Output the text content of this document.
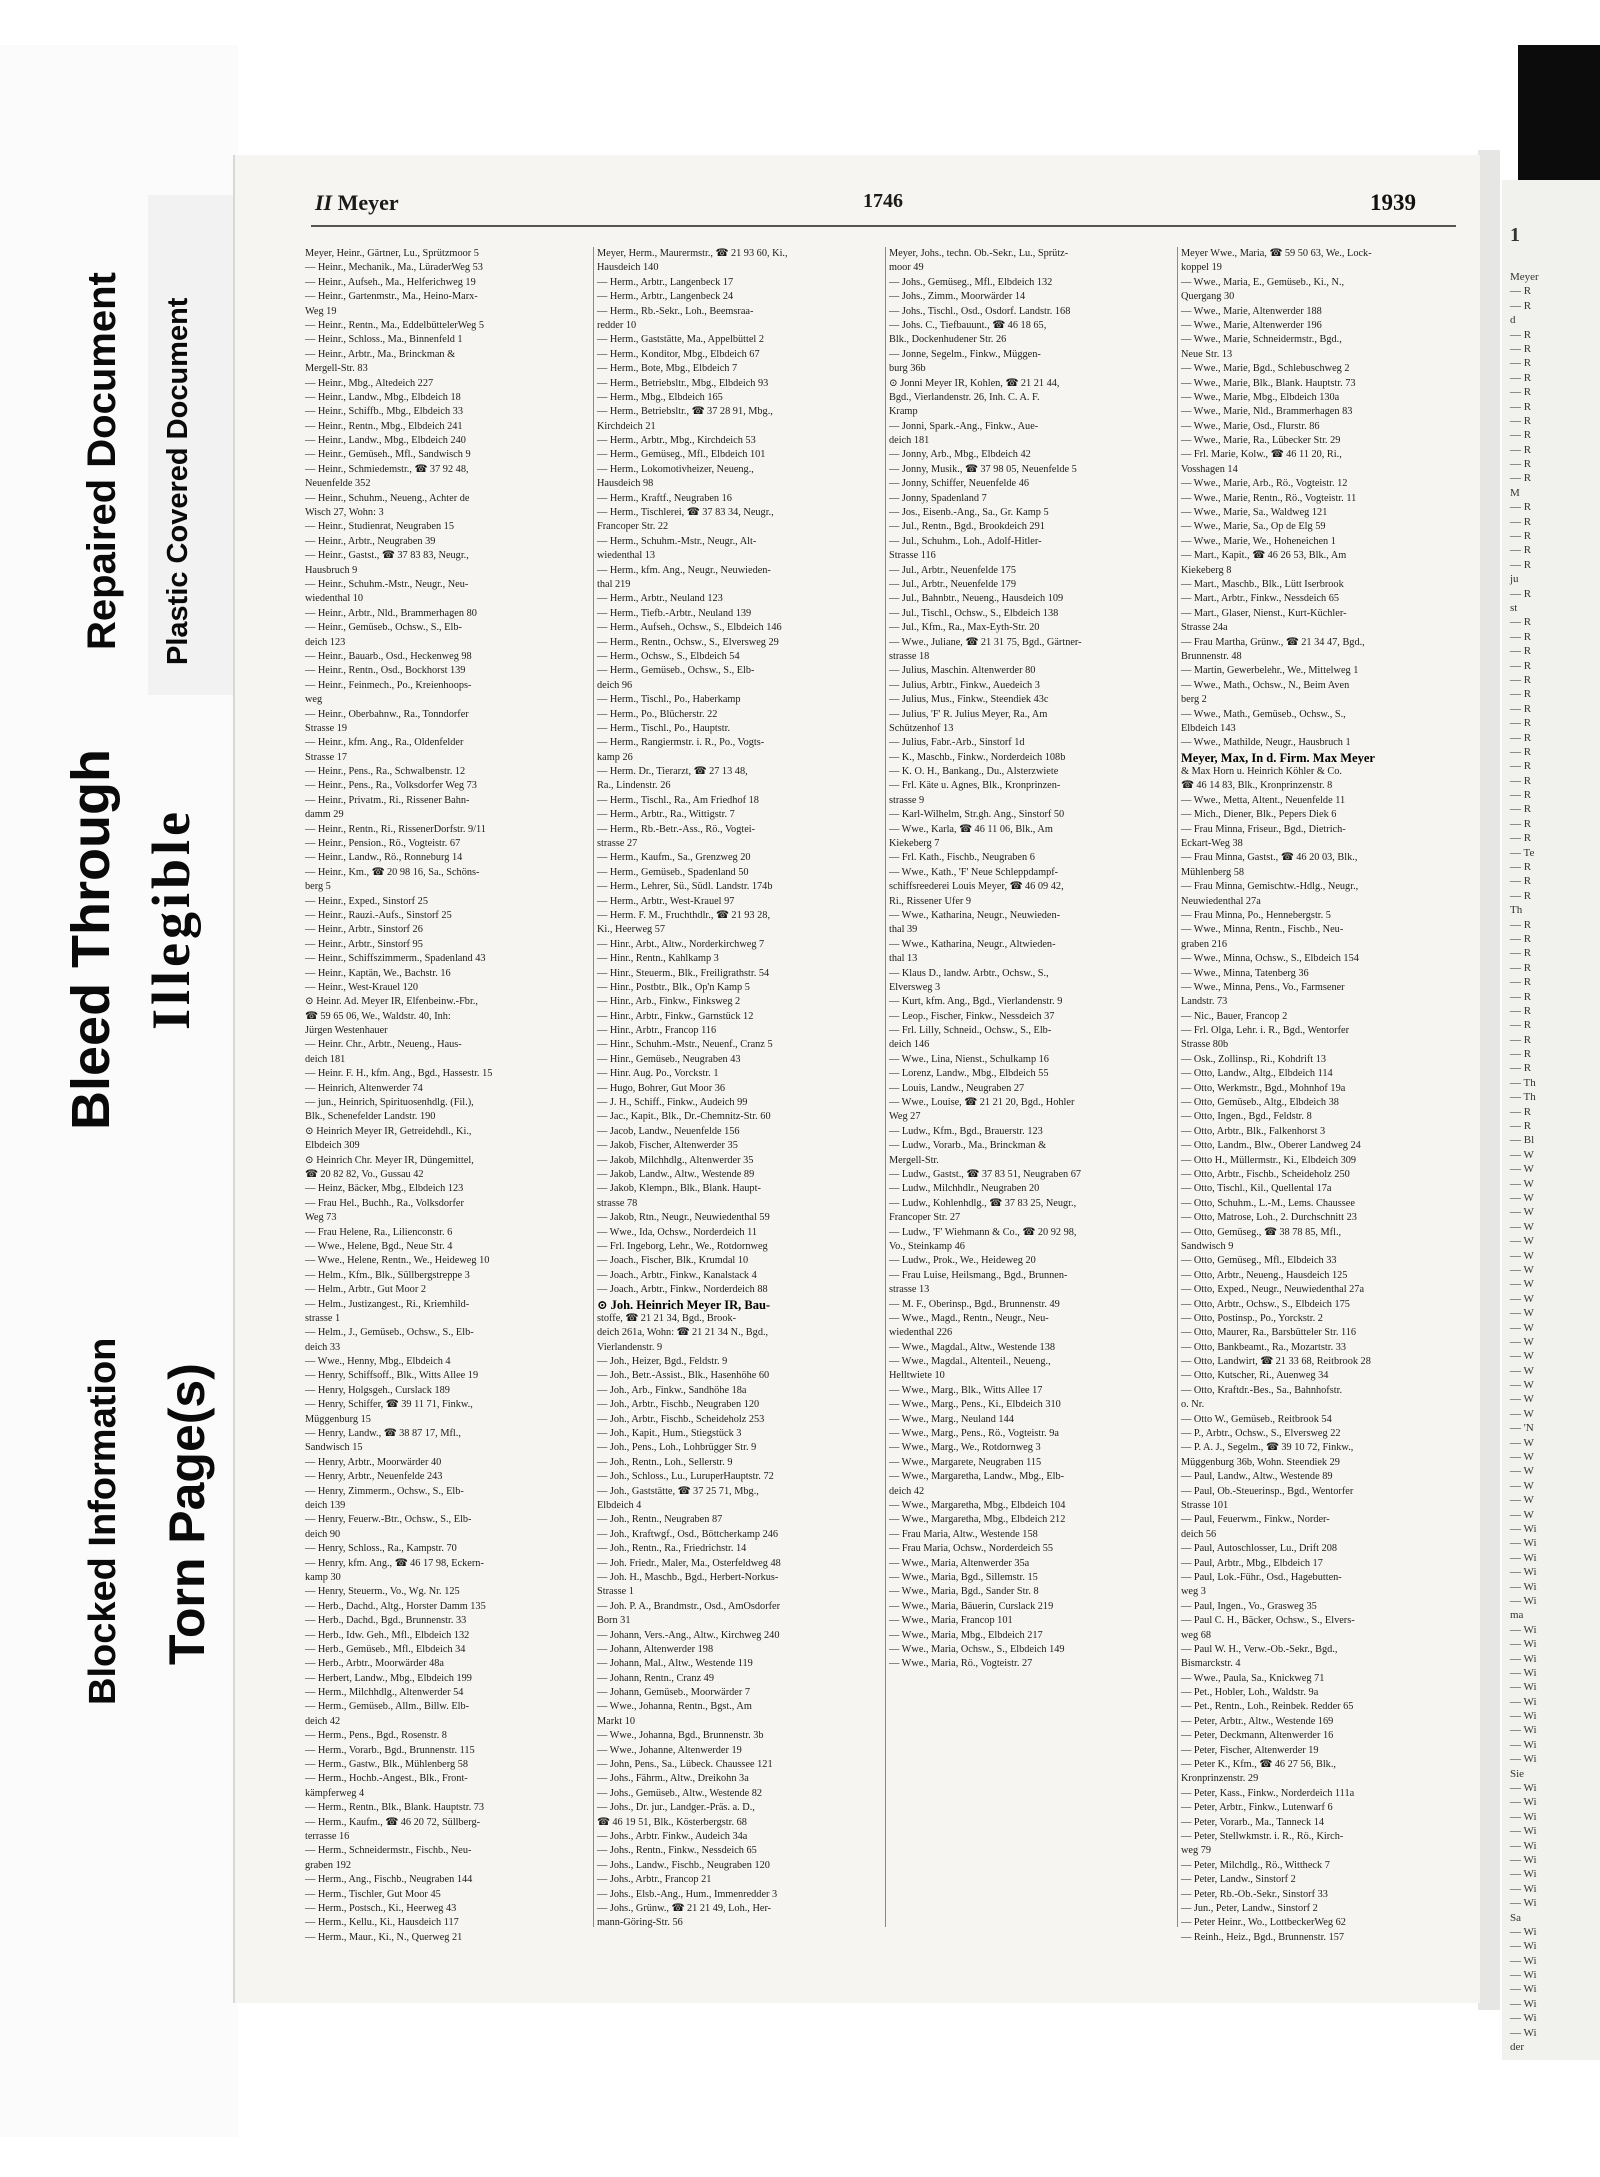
Bleed Through Illegible
Repaired Document Plastic Covered Document
Blocked Information Torn Page(s)
1
Meyer
— R
— R
d
— R
— R
— R
— R
— R
— R
— R
— R
— R
— R
— R
M
— R
— R
— R
— R
— R
ju
— R
st
— R
— R
— R
— R
— R
— R
— R
— R
— R
— R
— R
— R
— R
— R
— R
— R
— Te
— R
— R
— R
Th
— R
— R
— R
— R
— R
— R
— R
— R
— R
— R
— R
— Th
— Th
— R
— R
— Bl
— W
— W
— W
— W
— W
— W
— W
— W
— W
— W
— W
— W
— W
— W
— W
— W
— W
— W
— W
— 'N
— W
— W
— W
— W
— W
— W
— Wi
— Wi
— Wi
— Wi
— Wi
— Wi
ma
— Wi
— Wi
— Wi
— Wi
— Wi
— Wi
— Wi
— Wi
— Wi
— Wi
Sie
— Wi
— Wi
— Wi
— Wi
— Wi
— Wi
— Wi
— Wi
— Wi
Sa
— Wi
— Wi
— Wi
— Wi
— Wi
— Wi
— Wi
— Wi
der
II Meyer	1746	1939
Meyer, Heinr., Gärtner, Lu., Sprützmoor 5
— Heinr., Mechanik., Ma., LüraderWeg 53
— Heinr., Aufseh., Ma., Helferichweg 19
— Heinr., Gartenmstr., Ma., Heino-Marx-
Weg 19
— Heinr., Rentn., Ma., EddelbüttelerWeg 5
— Heinr., Schloss., Ma., Binnenfeld 1
— Heinr., Arbtr., Ma., Brinckman &
Mergell-Str. 83
— Heinr., Mbg., Altedeich 227
— Heinr., Landw., Mbg., Elbdeich 18
— Heinr., Schiffb., Mbg., Elbdeich 33
— Heinr., Rentn., Mbg., Elbdeich 241
— Heinr., Landw., Mbg., Elbdeich 240
— Heinr., Gemüseh., Mfl., Sandwisch 9
— Heinr., Schmiedemstr., ☎ 37 92 48,
Neuenfelde 352
— Heinr., Schuhm., Neueng., Achter de
Wisch 27, Wohn: 3
— Heinr., Studienrat, Neugraben 15
— Heinr., Arbtr., Neugraben 39
— Heinr., Gastst., ☎ 37 83 83, Neugr.,
Hausbruch 9
— Heinr., Schuhm.-Mstr., Neugr., Neu-
wiedenthal 10
— Heinr., Arbtr., Nld., Brammerhagen 80
— Heinr., Gemüseb., Ochsw., S., Elb-
deich 123
— Heinr., Bauarb., Osd., Heckenweg 98
— Heinr., Rentn., Osd., Bockhorst 139
— Heinr., Feinmech., Po., Kreienhoops-
weg
— Heinr., Oberbahnw., Ra., Tonndorfer
Strasse 19
— Heinr., kfm. Ang., Ra., Oldenfelder
Strasse 17
— Heinr., Pens., Ra., Schwalbenstr. 12
— Heinr., Pens., Ra., Volksdorfer Weg 73
— Heinr., Privatm., Ri., Rissener Bahn-
damm 29
— Heinr., Rentn., Ri., RissenerDorfstr. 9/11
— Heinr., Pension., Rö., Vogteistr. 67
— Heinr., Landw., Rö., Ronneburg 14
— Heinr., Km., ☎ 20 98 16, Sa., Schöns-
berg 5
— Heinr., Exped., Sinstorf 25
— Heinr., Rauzi.-Aufs., Sinstorf 25
— Heinr., Arbtr., Sinstorf 26
— Heinr., Arbtr., Sinstorf 95
— Heinr., Schiffszimmerm., Spadenland 43
— Heinr., Kaptän, We., Bachstr. 16
— Heinr., West-Krauel 120
⊙ Heinr. Ad. Meyer IR, Elfenbeinw.-Fbr.,
☎ 59 65 06, We., Waldstr. 40, Inh:
Jürgen Westenhauer
— Heinr. Chr., Arbtr., Neueng., Haus-
deich 181
— Heinr. F. H., kfm. Ang., Bgd., Hassestr. 15
— Heinrich, Altenwerder 74
— jun., Heinrich, Spirituosenhdlg. (Fil.),
Blk., Schenefelder Landstr. 190
⊙ Heinrich Meyer IR, Getreidehdl., Ki.,
Elbdeich 309
⊙ Heinrich Chr. Meyer IR, Düngemittel,
☎ 20 82 82, Vo., Gussau 42
— Heinz, Bäcker, Mbg., Elbdeich 123
— Frau Hel., Buchh., Ra., Volksdorfer
Weg 73
— Frau Helene, Ra., Lilienconstr. 6
— Wwe., Helene, Bgd., Neue Str. 4
— Wwe., Helene, Rentn., We., Heideweg 10
— Helm., Kfm., Blk., Süllbergstreppe 3
— Helm., Arbtr., Gut Moor 2
— Helm., Justizangest., Ri., Kriemhild-
strasse 1
— Helm., J., Gemüseb., Ochsw., S., Elb-
deich 33
— Wwe., Henny, Mbg., Elbdeich 4
— Henry, Schiffsoff., Blk., Witts Allee 19
— Henry, Holgsgeh., Curslack 189
— Henry, Schiffer, ☎ 39 11 71, Finkw.,
Müggenburg 15
— Henry, Landw., ☎ 38 87 17, Mfl.,
Sandwisch 15
— Henry, Arbtr., Moorwärder 40
— Henry, Arbtr., Neuenfelde 243
— Henry, Zimmerm., Ochsw., S., Elb-
deich 139
— Henry, Feuerw.-Btr., Ochsw., S., Elb-
deich 90
— Henry, Schloss., Ra., Kampstr. 70
— Henry, kfm. Ang., ☎ 46 17 98, Eckern-
kamp 30
— Henry, Steuerm., Vo., Wg. Nr. 125
— Herb., Dachd., Altg., Horster Damm 135
— Herb., Dachd., Bgd., Brunnenstr. 33
— Herb., Idw. Geh., Mfl., Elbdeich 132
— Herb., Gemüseb., Mfl., Elbdeich 34
— Herb., Arbtr., Moorwärder 48a
— Herbert, Landw., Mbg., Elbdeich 199
— Herm., Milchhdlg., Altenwerder 54
— Herm., Gemüseb., Allm., Billw. Elb-
deich 42
— Herm., Pens., Bgd., Rosenstr. 8
— Herm., Vorarb., Bgd., Brunnenstr. 115
— Herm., Gastw., Blk., Mühlenberg 58
— Herm., Hochb.-Angest., Blk., Front-
kämpferweg 4
— Herm., Rentn., Blk., Blank. Hauptstr. 73
— Herm., Kaufm., ☎ 46 20 72, Süllberg-
terrasse 16
— Herm., Schneidermstr., Fischb., Neu-
graben 192
— Herm., Ang., Fischb., Neugraben 144
— Herm., Tischler, Gut Moor 45
— Herm., Postsch., Ki., Heerweg 43
— Herm., Kellu., Ki., Hausdeich 117
— Herm., Maur., Ki., N., Querweg 21
Meyer, Herm., Maurermstr., ☎ 21 93 60, Ki.,
Hausdeich 140
— Herm., Arbtr., Langenbeck 17
— Herm., Arbtr., Langenbeck 24
— Herm., Rb.-Sekr., Loh., Beemsraa-
redder 10
— Herm., Gaststätte, Ma., Appelbüttel 2
— Herm., Konditor, Mbg., Elbdeich 67
— Herm., Bote, Mbg., Elbdeich 7
— Herm., Betriebsltr., Mbg., Elbdeich 93
— Herm., Mbg., Elbdeich 165
— Herm., Betriebsltr., ☎ 37 28 91, Mbg.,
Kirchdeich 21
— Herm., Arbtr., Mbg., Kirchdeich 53
— Herm., Gemüseg., Mfl., Elbdeich 101
— Herm., Lokomotivheizer, Neueng.,
Hausdeich 98
— Herm., Kraftf., Neugraben 16
— Herm., Tischlerei, ☎ 37 83 34, Neugr.,
Francoper Str. 22
— Herm., Schuhm.-Mstr., Neugr., Alt-
wiedenthal 13
— Herm., kfm. Ang., Neugr., Neuwieden-
thal 219
— Herm., Arbtr., Neuland 123
— Herm., Tiefb.-Arbtr., Neuland 139
— Herm., Aufseh., Ochsw., S., Elbdeich 146
— Herm., Rentn., Ochsw., S., Elversweg 29
— Herm., Ochsw., S., Elbdeich 54
— Herm., Gemüseb., Ochsw., S., Elb-
deich 96
— Herm., Tischl., Po., Haberkamp
— Herm., Po., Blücherstr. 22
— Herm., Tischl., Po., Hauptstr.
— Herm., Rangiermstr. i. R., Po., Vogts-
kamp 26
— Herm. Dr., Tierarzt, ☎ 27 13 48,
Ra., Lindenstr. 26
— Herm., Tischl., Ra., Am Friedhof 18
— Herm., Arbtr., Ra., Wittigstr. 7
— Herm., Rb.-Betr.-Ass., Rö., Vogtei-
strasse 27
— Herm., Kaufm., Sa., Grenzweg 20
— Herm., Gemüseb., Spadenland 50
— Herm., Lehrer, Sü., Südl. Landstr. 174b
— Herm., Arbtr., West-Krauel 97
— Herm. F. M., Fruchthdlr., ☎ 21 93 28,
Ki., Heerweg 57
— Hinr., Arbt., Altw., Norderkirchweg 7
— Hinr., Rentn., Kahlkamp 3
— Hinr., Steuerm., Blk., Freiligrathstr. 54
— Hinr., Postbtr., Blk., Op'n Kamp 5
— Hinr., Arb., Finkw., Finksweg 2
— Hinr., Arbtr., Finkw., Garnstück 12
— Hinr., Arbtr., Francop 116
— Hinr., Schuhm.-Mstr., Neuenf., Cranz 5
— Hinr., Gemüseb., Neugraben 43
— Hinr. Aug. Po., Vorckstr. 1
— Hugo, Bohrer, Gut Moor 36
— J. H., Schiff., Finkw., Audeich 99
— Jac., Kapit., Blk., Dr.-Chemnitz-Str. 60
— Jacob, Landw., Neuenfelde 156
— Jakob, Fischer, Altenwerder 35
— Jakob, Milchhdlg., Altenwerder 35
— Jakob, Landw., Altw., Westende 89
— Jakob, Klempn., Blk., Blank. Haupt-
strasse 78
— Jakob, Rtn., Neugr., Neuwiedenthal 59
— Wwe., Ida, Ochsw., Norderdeich 11
— Frl. Ingeborg, Lehr., We., Rotdornweg
— Joach., Fischer, Blk., Krumdal 10
— Joach., Arbtr., Finkw., Kanalstack 4
— Joach., Arbtr., Finkw., Norderdeich 88
⊙ Joh. Heinrich Meyer IR, Bau-
stoffe, ☎ 21 21 34, Bgd., Brook-
deich 261a, Wohn: ☎ 21 21 34 N., Bgd.,
Vierlandenstr. 9
— Joh., Heizer, Bgd., Feldstr. 9
— Joh., Betr.-Assist., Blk., Hasenhöhe 60
— Joh., Arb., Finkw., Sandhöhe 18a
— Joh., Arbtr., Fischb., Neugraben 120
— Joh., Arbtr., Fischb., Scheideholz 253
— Joh., Kapit., Hum., Stiegstück 3
— Joh., Pens., Loh., Lohbrügger Str. 9
— Joh., Rentn., Loh., Sellerstr. 9
— Joh., Schloss., Lu., LuruperHauptstr. 72
— Joh., Gaststätte, ☎ 37 25 71, Mbg.,
Elbdeich 4
— Joh., Rentn., Neugraben 87
— Joh., Kraftwgf., Osd., Böttcherkamp 246
— Joh., Rentn., Ra., Friedrichstr. 14
— Joh. Friedr., Maler, Ma., Osterfeldweg 48
— Joh. H., Maschb., Bgd., Herbert-Norkus-
Strasse 1
— Joh. P. A., Brandmstr., Osd., AmOsdorfer
Born 31
— Johann, Vers.-Ang., Altw., Kirchweg 240
— Johann, Altenwerder 198
— Johann, Mal., Altw., Westende 119
— Johann, Rentn., Cranz 49
— Johann, Gemüseb., Moorwärder 7
— Wwe., Johanna, Rentn., Bgst., Am
Markt 10
— Wwe., Johanna, Bgd., Brunnenstr. 3b
— Wwe., Johanne, Altenwerder 19
— John, Pens., Sa., Lübeck. Chaussee 121
— Johs., Fährm., Altw., Dreikohn 3a
— Johs., Gemüseb., Altw., Westende 82
— Johs., Dr. jur., Landger.-Präs. a. D.,
☎ 46 19 51, Blk., Kösterbergstr. 68
— Johs., Arbtr. Finkw., Audeich 34a
— Johs., Rentn., Finkw., Nessdeich 65
— Johs., Landw., Fischb., Neugraben 120
— Johs., Arbtr., Francop 21
— Johs., Elsb.-Ang., Hum., Immenredder 3
— Johs., Grünw., ☎ 21 21 49, Loh., Her-
mann-Göring-Str. 56
Meyer, Johs., techn. Ob.-Sekr., Lu., Sprütz-
moor 49
— Johs., Gemüseg., Mfl., Elbdeich 132
— Johs., Zimm., Moorwärder 14
— Johs., Tischl., Osd., Osdorf. Landstr. 168
— Johs. C., Tiefbauunt., ☎ 46 18 65,
Blk., Dockenhudener Str. 26
— Jonne, Segelm., Finkw., Müggen-
burg 36b
⊙ Jonni Meyer IR, Kohlen, ☎ 21 21 44,
Bgd., Vierlandenstr. 26, Inh. C. A. F.
Kramp
— Jonni, Spark.-Ang., Finkw., Aue-
deich 181
— Jonny, Arb., Mbg., Elbdeich 42
— Jonny, Musik., ☎ 37 98 05, Neuenfelde 5
— Jonny, Schiffer, Neuenfelde 46
— Jonny, Spadenland 7
— Jos., Eisenb.-Ang., Sa., Gr. Kamp 5
— Jul., Rentn., Bgd., Brookdeich 291
— Jul., Schuhm., Loh., Adolf-Hitler-
Strasse 116
— Jul., Arbtr., Neuenfelde 175
— Jul., Arbtr., Neuenfelde 179
— Jul., Bahnbtr., Neueng., Hausdeich 109
— Jul., Tischl., Ochsw., S., Elbdeich 138
— Jul., Kfm., Ra., Max-Eyth-Str. 20
— Wwe., Juliane, ☎ 21 31 75, Bgd., Gärtner-
strasse 18
— Julius, Maschin. Altenwerder 80
— Julius, Arbtr., Finkw., Auedeich 3
— Julius, Mus., Finkw., Steendiek 43c
— Julius, 'F' R. Julius Meyer, Ra., Am
Schützenhof 13
— Julius, Fabr.-Arb., Sinstorf 1d
— K., Maschb., Finkw., Norderdeich 108b
— K. O. H., Bankang., Du., Alsterzwiete
— Frl. Käte u. Agnes, Blk., Kronprinzen-
strasse 9
— Karl-Wilhelm, Str.gh. Ang., Sinstorf 50
— Wwe., Karla, ☎ 46 11 06, Blk., Am
Kiekeberg 7
— Frl. Kath., Fischb., Neugraben 6
— Wwe., Kath., 'F' Neue Schleppdampf-
schiffsreederei Louis Meyer, ☎ 46 09 42,
Ri., Rissener Ufer 9
— Wwe., Katharina, Neugr., Neuwieden-
thal 39
— Wwe., Katharina, Neugr., Altwieden-
thal 13
— Klaus D., landw. Arbtr., Ochsw., S.,
Elversweg 3
— Kurt, kfm. Ang., Bgd., Vierlandenstr. 9
— Leop., Fischer, Finkw., Nessdeich 37
— Frl. Lilly, Schneid., Ochsw., S., Elb-
deich 146
— Wwe., Lina, Nienst., Schulkamp 16
— Lorenz, Landw., Mbg., Elbdeich 55
— Louis, Landw., Neugraben 27
— Wwe., Louise, ☎ 21 21 20, Bgd., Hohler
Weg 27
— Ludw., Kfm., Bgd., Brauerstr. 123
— Ludw., Vorarb., Ma., Brinckman &
Mergell-Str.
— Ludw., Gastst., ☎ 37 83 51, Neugraben 67
— Ludw., Milchhdlr., Neugraben 20
— Ludw., Kohlenhdlg., ☎ 37 83 25, Neugr.,
Francoper Str. 27
— Ludw., 'F' Wiehmann & Co., ☎ 20 92 98,
Vo., Steinkamp 46
— Ludw., Prok., We., Heideweg 20
— Frau Luise, Heilsmang., Bgd., Brunnen-
strasse 13
— M. F., Oberinsp., Bgd., Brunnenstr. 49
— Wwe., Magd., Rentn., Neugr., Neu-
wiedenthal 226
— Wwe., Magdal., Altw., Westende 138
— Wwe., Magdal., Altenteil., Neueng.,
Helltwiete 10
— Wwe., Marg., Blk., Witts Allee 17
— Wwe., Marg., Pens., Ki., Elbdeich 310
— Wwe., Marg., Neuland 144
— Wwe., Marg., Pens., Rö., Vogteistr. 9a
— Wwe., Marg., We., Rotdornweg 3
— Wwe., Margarete, Neugraben 115
— Wwe., Margaretha, Landw., Mbg., Elb-
deich 42
— Wwe., Margaretha, Mbg., Elbdeich 104
— Wwe., Margaretha, Mbg., Elbdeich 212
— Frau Maria, Altw., Westende 158
— Frau Maria, Ochsw., Norderdeich 55
— Wwe., Maria, Altenwerder 35a
— Wwe., Maria, Bgd., Sillemstr. 15
— Wwe., Maria, Bgd., Sander Str. 8
— Wwe., Maria, Bäuerin, Curslack 219
— Wwe., Maria, Francop 101
— Wwe., Maria, Mbg., Elbdeich 217
— Wwe., Maria, Ochsw., S., Elbdeich 149
— Wwe., Maria, Rö., Vogteistr. 27
Meyer Wwe., Maria, ☎ 59 50 63, We., Lock-
koppel 19
— Wwe., Maria, E., Gemüseb., Ki., N.,
Quergang 30
— Wwe., Marie, Altenwerder 188
— Wwe., Marie, Altenwerder 196
— Wwe., Marie, Schneidermstr., Bgd.,
Neue Str. 13
— Wwe., Marie, Bgd., Schlebuschweg 2
— Wwe., Marie, Blk., Blank. Hauptstr. 73
— Wwe., Marie, Mbg., Elbdeich 130a
— Wwe., Marie, Nld., Brammerhagen 83
— Wwe., Marie, Osd., Flurstr. 86
— Wwe., Marie, Ra., Lübecker Str. 29
— Frl. Marie, Kolw., ☎ 46 11 20, Ri.,
Vosshagen 14
— Wwe., Marie, Arb., Rö., Vogteistr. 12
— Wwe., Marie, Rentn., Rö., Vogteistr. 11
— Wwe., Marie, Sa., Waldweg 121
— Wwe., Marie, Sa., Op de Elg 59
— Wwe., Marie, We., Hoheneichen 1
— Mart., Kapit., ☎ 46 26 53, Blk., Am
Kiekeberg 8
— Mart., Maschb., Blk., Lütt Iserbrook
— Mart., Arbtr., Finkw., Nessdeich 65
— Mart., Glaser, Nienst., Kurt-Küchler-
Strasse 24a
— Frau Martha, Grünw., ☎ 21 34 47, Bgd.,
Brunnenstr. 48
— Martin, Gewerbelehr., We., Mittelweg 1
— Wwe., Math., Ochsw., N., Beim Aven
berg 2
— Wwe., Math., Gemüseb., Ochsw., S.,
Elbdeich 143
— Wwe., Mathilde, Neugr., Hausbruch 1
Meyer, Max, In d. Firm. Max Meyer
& Max Horn u. Heinrich Köhler & Co.
☎ 46 14 83, Blk., Kronprinzenstr. 8
— Wwe., Metta, Altent., Neuenfelde 11
— Mich., Diener, Blk., Pepers Diek 6
— Frau Minna, Friseur., Bgd., Dietrich-
Eckart-Weg 38
— Frau Minna, Gastst., ☎ 46 20 03, Blk.,
Mühlenberg 58
— Frau Minna, Gemischtw.-Hdlg., Neugr.,
Neuwiedenthal 27a
— Frau Minna, Po., Hennebergstr. 5
— Wwe., Minna, Rentn., Fischb., Neu-
graben 216
— Wwe., Minna, Ochsw., S., Elbdeich 154
— Wwe., Minna, Tatenberg 36
— Wwe., Minna, Pens., Vo., Farmsener
Landstr. 73
— Nic., Bauer, Francop 2
— Frl. Olga, Lehr. i. R., Bgd., Wentorfer
Strasse 80b
— Osk., Zollinsp., Ri., Kohdrift 13
— Otto, Landw., Altg., Elbdeich 114
— Otto, Werkmstr., Bgd., Mohnhof 19a
— Otto, Gemüseb., Altg., Elbdeich 38
— Otto, Ingen., Bgd., Feldstr. 8
— Otto, Arbtr., Blk., Falkenhorst 3
— Otto, Landm., Blw., Oberer Landweg 24
— Otto H., Müllermstr., Ki., Elbdeich 309
— Otto, Arbtr., Fischb., Scheideholz 250
— Otto, Tischl., Kil., Quellental 17a
— Otto, Schuhm., L.-M., Lems. Chaussee
— Otto, Matrose, Loh., 2. Durchschnitt 23
— Otto, Gemüseg., ☎ 38 78 85, Mfl.,
Sandwisch 9
— Otto, Gemüseg., Mfl., Elbdeich 33
— Otto, Arbtr., Neueng., Hausdeich 125
— Otto, Exped., Neugr., Neuwiedenthal 27a
— Otto, Arbtr., Ochsw., S., Elbdeich 175
— Otto, Postinsp., Po., Yorckstr. 2
— Otto, Maurer, Ra., Barsbütteler Str. 116
— Otto, Bankbeamt., Ra., Mozartstr. 33
— Otto, Landwirt, ☎ 21 33 68, Reitbrook 28
— Otto, Kutscher, Ri., Auenweg 34
— Otto, Kraftdr.-Bes., Sa., Bahnhofstr.
o. Nr.
— Otto W., Gemüseb., Reitbrook 54
— P., Arbtr., Ochsw., S., Elversweg 22
— P. A. J., Segelm., ☎ 39 10 72, Finkw.,
Müggenburg 36b, Wohn. Steendiek 29
— Paul, Landw., Altw., Westende 89
— Paul, Ob.-Steuerinsp., Bgd., Wentorfer
Strasse 101
— Paul, Feuerwm., Finkw., Norder-
deich 56
— Paul, Autoschlosser, Lu., Drift 208
— Paul, Arbtr., Mbg., Elbdeich 17
— Paul, Lok.-Führ., Osd., Hagebutten-
weg 3
— Paul, Ingen., Vo., Grasweg 35
— Paul C. H., Bäcker, Ochsw., S., Elvers-
weg 68
— Paul W. H., Verw.-Ob.-Sekr., Bgd.,
Bismarckstr. 4
— Wwe., Paula, Sa., Knickweg 71
— Pet., Hobler, Loh., Waldstr. 9a
— Pet., Rentn., Loh., Reinbek. Redder 65
— Peter, Arbtr., Altw., Westende 169
— Peter, Deckmann, Altenwerder 16
— Peter, Fischer, Altenwerder 19
— Peter K., Kfm., ☎ 46 27 56, Blk.,
Kronprinzenstr. 29
— Peter, Kass., Finkw., Norderdeich 111a
— Peter, Arbtr., Finkw., Lutenwarf 6
— Peter, Vorarb., Ma., Tanneck 14
— Peter, Stellwkmstr. i. R., Rö., Kirch-
weg 79
— Peter, Milchdlg., Rö., Wittheck 7
— Peter, Landw., Sinstorf 2
— Peter, Rb.-Ob.-Sekr., Sinstorf 33
— Jun., Peter, Landw., Sinstorf 2
— Peter Heinr., Wo., LottbeckerWeg 62
— Reinh., Heiz., Bgd., Brunnenstr. 157
